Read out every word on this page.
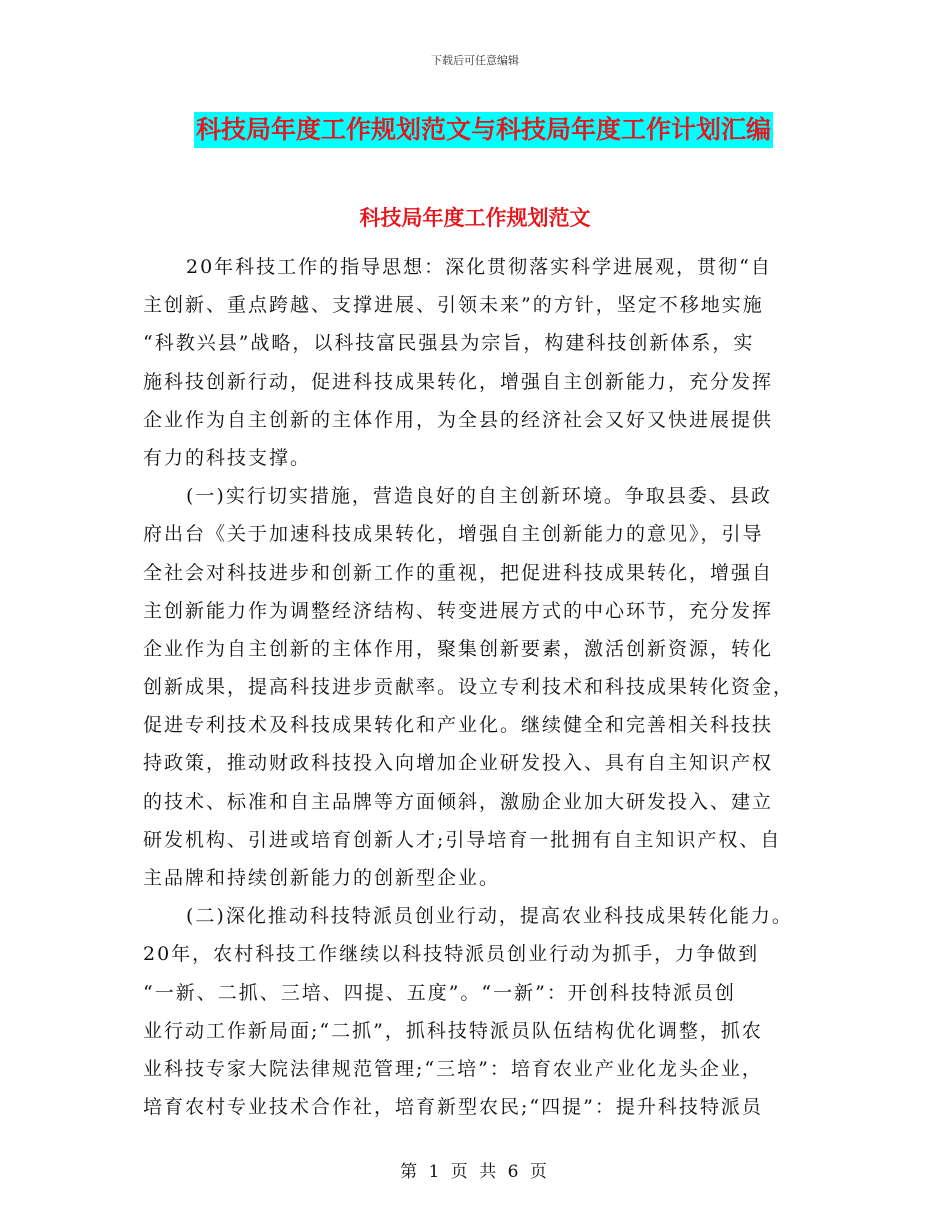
下载后可任意编辑
科技局年度工作规划范文与科技局年度工作计划汇编
科技局年度工作规划范文
20年科技工作的指导思想：深化贯彻落实科学进展观，贯彻“自
主创新、重点跨越、支撑进展、引领未来”的方针，坚定不移地实施
“科教兴县”战略，以科技富民强县为宗旨，构建科技创新体系，实
施科技创新行动，促进科技成果转化，增强自主创新能力，充分发挥
企业作为自主创新的主体作用，为全县的经济社会又好又快进展提供
有力的科技支撑。
(一)实行切实措施，营造良好的自主创新环境。争取县委、县政
府出台《关于加速科技成果转化，增强自主创新能力的意见》，引导
全社会对科技进步和创新工作的重视，把促进科技成果转化，增强自
主创新能力作为调整经济结构、转变进展方式的中心环节，充分发挥
企业作为自主创新的主体作用，聚集创新要素，激活创新资源，转化
创新成果，提高科技进步贡献率。设立专利技术和科技成果转化资金，
促进专利技术及科技成果转化和产业化。继续健全和完善相关科技扶
持政策，推动财政科技投入向增加企业研发投入、具有自主知识产权
的技术、标准和自主品牌等方面倾斜，激励企业加大研发投入、建立
研发机构、引进或培育创新人才;引导培育一批拥有自主知识产权、自
主品牌和持续创新能力的创新型企业。
(二)深化推动科技特派员创业行动，提高农业科技成果转化能力。
20年，农村科技工作继续以科技特派员创业行动为抓手，力争做到
“一新、二抓、三培、四提、五度”。“一新”：开创科技特派员创
业行动工作新局面;“二抓”，抓科技特派员队伍结构优化调整，抓农
业科技专家大院法律规范管理;“三培”：培育农业产业化龙头企业，
培育农村专业技术合作社，培育新型农民;“四提”：提升科技特派员
第 1 页 共 6 页
